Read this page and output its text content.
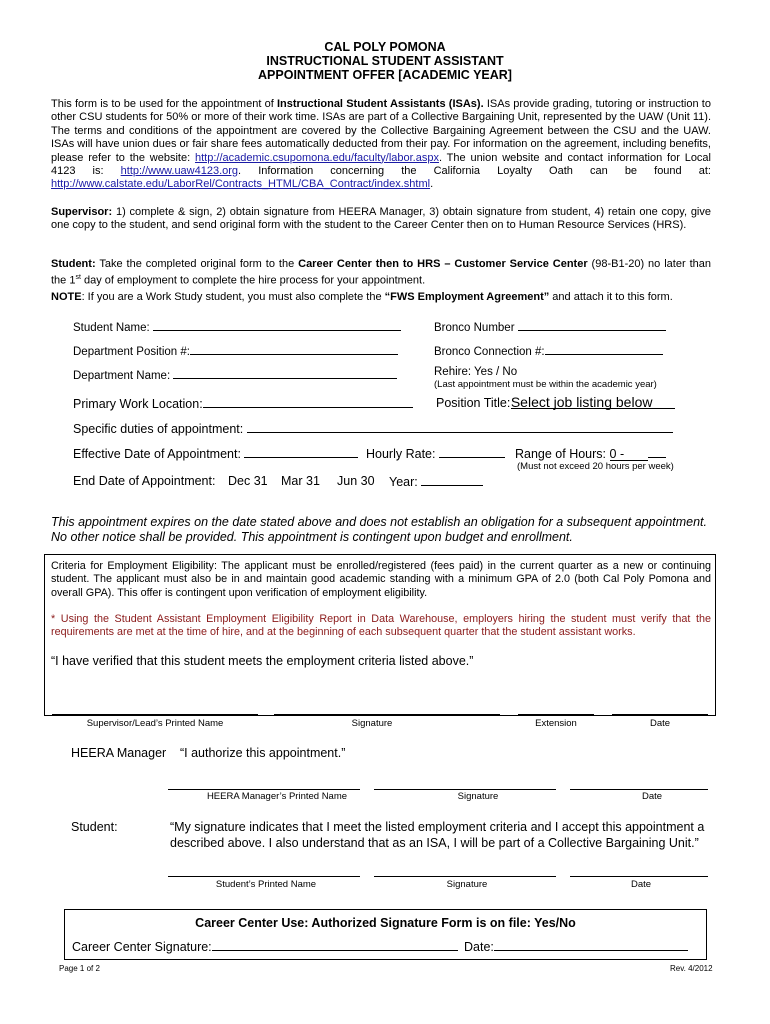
CAL POLY POMONA
INSTRUCTIONAL STUDENT ASSISTANT
APPOINTMENT OFFER [ACADEMIC YEAR]
This form is to be used for the appointment of Instructional Student Assistants (ISAs). ISAs provide grading, tutoring or instruction to other CSU students for 50% or more of their work time. ISAs are part of a Collective Bargaining Unit, represented by the UAW (Unit 11). The terms and conditions of the appointment are covered by the Collective Bargaining Agreement between the CSU and the UAW. ISAs will have union dues or fair share fees automatically deducted from their pay. For information on the agreement, including benefits, please refer to the website: http://academic.csupomona.edu/faculty/labor.aspx. The union website and contact information for Local 4123 is: http://www.uaw4123.org. Information concerning the California Loyalty Oath can be found at: http://www.calstate.edu/LaborRel/Contracts_HTML/CBA_Contract/index.shtml.
Supervisor: 1) complete & sign, 2) obtain signature from HEERA Manager, 3) obtain signature from student, 4) retain one copy, give one copy to the student, and send original form with the student to the Career Center then on to Human Resource Services (HRS).
Student: Take the completed original form to the Career Center then to HRS – Customer Service Center (98-B1-20) no later than the 1st day of employment to complete the hire process for your appointment.
NOTE: If you are a Work Study student, you must also complete the “FWS Employment Agreement” and attach it to this form.
Student Name:	Bronco Number
Department Position #:	Bronco Connection #:
Department Name:	Rehire: Yes / No
(Last appointment must be within the academic year)
Primary Work Location:	Position Title: Select job listing below
Specific duties of appointment:
Effective Date of Appointment:	Hourly Rate:	Range of Hours: 0 -
(Must not exceed 20 hours per week)
End Date of Appointment: Dec 31 Mar 31 Jun 30 Year:
This appointment expires on the date stated above and does not establish an obligation for a subsequent appointment.
No other notice shall be provided. This appointment is contingent upon budget and enrollment.
Criteria for Employment Eligibility: The applicant must be enrolled/registered (fees paid) in the current quarter as a new or continuing student. The applicant must also be in and maintain good academic standing with a minimum GPA of 2.0 (both Cal Poly Pomona and overall GPA). This offer is contingent upon verification of employment eligibility.
* Using the Student Assistant Employment Eligibility Report in Data Warehouse, employers hiring the student must verify that the requirements are met at the time of hire, and at the beginning of each subsequent quarter that the student assistant works.
“I have verified that this student meets the employment criteria listed above.”
Supervisor/Lead’s Printed Name	Signature	Extension	Date
HEERA Manager “I authorize this appointment.”
HEERA Manager’s Printed Name	Signature	Date
Student:	“My signature indicates that I meet the listed employment criteria and I accept this appointment a
described above. I also understand that as an ISA, I will be part of a Collective Bargaining Unit.”
Student’s Printed Name	Signature	Date
Career Center Use: Authorized Signature Form is on file: Yes/No
Career Center Signature:	Date:
Page 1 of 2	Rev. 4/2012
